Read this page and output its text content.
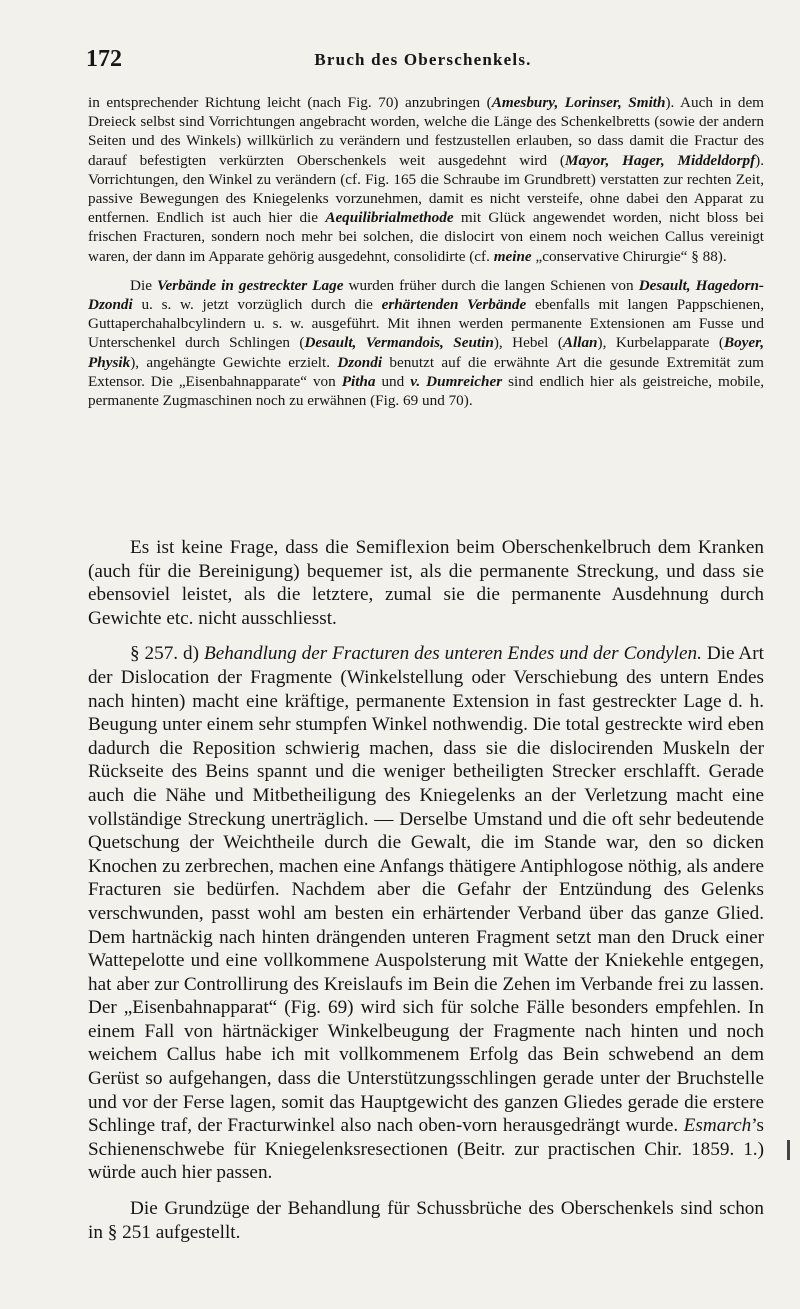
172	Bruch des Oberschenkels.

in entsprechender Richtung leicht (nach Fig. 70) anzubringen (Amesbury, Lorinser, Smith). Auch in dem Dreieck selbst sind Vorrichtungen angebracht worden, welche die Länge des Schenkelbretts (sowie der andern Seiten und des Winkels) willkürlich zu verändern und festzustellen erlauben, so dass damit die Fractur des darauf befestigten verkürzten Oberschenkels weit ausgedehnt wird (Mayor, Hager, Middeldorpf). Vorrichtungen, den Winkel zu verändern (cf. Fig. 165 die Schraube im Grundbrett) verstatten zur rechten Zeit, passive Bewegungen des Kniegelenks vorzunehmen, damit es nicht versteife, ohne dabei den Apparat zu entfernen. Endlich ist auch hier die Aequilibrialmethode mit Glück angewendet worden, nicht bloss bei frischen Fracturen, sondern noch mehr bei solchen, die dislocirt von einem noch weichen Callus vereinigt waren, der dann im Apparate gehörig ausgedehnt, consolidirte (cf. meine „conservative Chirurgie“ § 88).

Die Verbände in gestreckter Lage wurden früher durch die langen Schienen von Desault, Hagedorn-Dzondi u. s. w. jetzt vorzüglich durch die erhärtenden Verbände ebenfalls mit langen Pappschienen, Guttaperchahalbcylindern u. s. w. ausgeführt. Mit ihnen werden permanente Extensionen am Fusse und Unterschenkel durch Schlingen (Desault, Vermandois, Seutin), Hebel (Allan), Kurbelapparate (Boyer, Physik), angehängte Gewichte erzielt. Dzondi benutzt auf die erwähnte Art die gesunde Extremität zum Extensor. Die „Eisenbahnapparate“ von Pitha und v. Dumreicher sind endlich hier als geistreiche, mobile, permanente Zugmaschinen noch zu erwähnen (Fig. 69 und 70).

Es ist keine Frage, dass die Semiflexion beim Oberschenkelbruch dem Kranken (auch für die Bereinigung) bequemer ist, als die permanente Streckung, und dass sie ebensoviel leistet, als die letztere, zumal sie die permanente Ausdehnung durch Gewichte etc. nicht ausschliesst.

§ 257. d) Behandlung der Fracturen des unteren Endes und der Condylen. Die Art der Dislocation der Fragmente (Winkelstellung oder Verschiebung des untern Endes nach hinten) macht eine kräftige, permanente Extension in fast gestreckter Lage d. h. Beugung unter einem sehr stumpfen Winkel nothwendig. Die total gestreckte wird eben dadurch die Reposition schwierig machen, dass sie die dislocirenden Muskeln der Rückseite des Beins spannt und die weniger betheiligten Strecker erschlafft. Gerade auch die Nähe und Mitbetheiligung des Kniegelenks an der Verletzung macht eine vollständige Streckung unerträglich. — Derselbe Umstand und die oft sehr bedeutende Quetschung der Weichtheile durch die Gewalt, die im Stande war, den so dicken Knochen zu zerbrechen, machen eine Anfangs thätigere Antiphlogose nöthig, als andere Fracturen sie bedürfen. Nachdem aber die Gefahr der Entzündung des Gelenks verschwunden, passt wohl am besten ein erhärtender Verband über das ganze Glied. Dem hartnäckig nach hinten drängenden unteren Fragment setzt man den Druck einer Wattepelotte und eine vollkommene Auspolsterung mit Watte der Kniekehle entgegen, hat aber zur Controllirung des Kreislaufs im Bein die Zehen im Verbande frei zu lassen. Der „Eisenbahnapparat“ (Fig. 69) wird sich für solche Fälle besonders empfehlen. In einem Fall von härtnäckiger Winkelbeugung der Fragmente nach hinten und noch weichem Callus habe ich mit vollkommenem Erfolg das Bein schwebend an dem Gerüst so aufgehangen, dass die Unterstützungsschlingen gerade unter der Bruchstelle und vor der Ferse lagen, somit das Hauptgewicht des ganzen Gliedes gerade die erstere Schlinge traf, der Fracturwinkel also nach oben-vorn herausgedrängt wurde. Esmarch’s Schienenschwebe für Kniegelenksresectionen (Beitr. zur practischen Chir. 1859. 1.) würde auch hier passen.

Die Grundzüge der Behandlung für Schussbrüche des Oberschenkels sind schon in § 251 aufgestellt.
